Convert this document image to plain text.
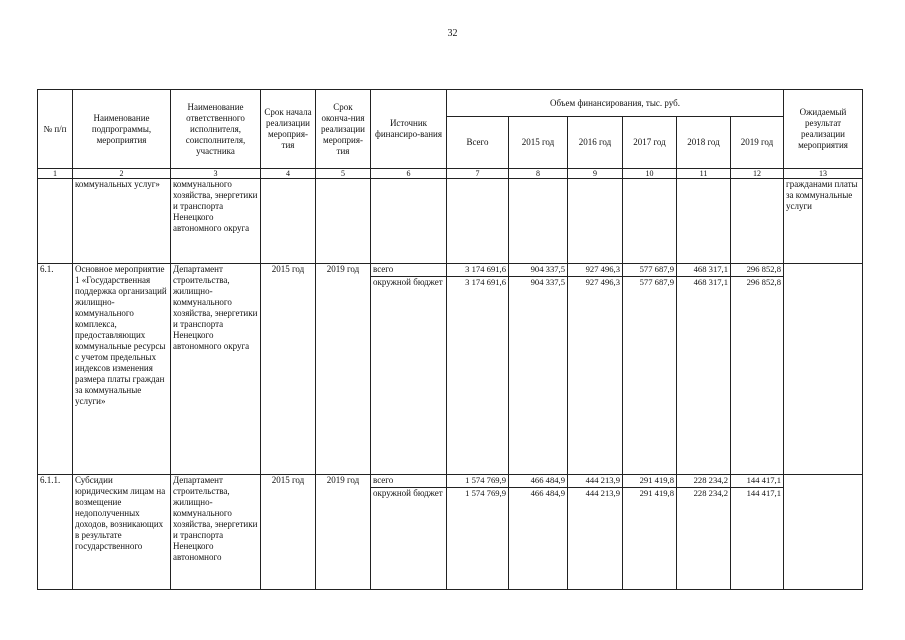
32
№ п/п	Наименование подпрограммы, мероприятия	Наименование ответственного исполнителя, соисполнителя, участника	Срок начала реализации мероприя-тия	Срок оконча-ния реализации мероприя-тия	Источник финансиро-вания	Объем финансирования, тыс. руб.						Ожидаемый результат реализации мероприятия
						Всего	2015 год	2016 год	2017 год	2018 год	2019 год	
1	2	3	4	5	6	7	8	9	10	11	12	13
	коммунальных услуг»	коммунального хозяйства, энергетики и транспорта Ненецкого автономного округа										гражданами платы за коммунальные услуги
6.1.	Основное мероприятие 1 «Государственная поддержка организаций жилищно-коммунального комплекса, предоставляющих коммунальные ресурсы с учетом предельных индексов изменения размера платы граждан за коммунальные услуги»	Департамент строительства, жилищно-коммунального хозяйства, энергетики и транспорта Ненецкого автономного округа	2015 год	2019 год	всего	3 174 691,6	904 337,5	927 496,3	577 687,9	468 317,1	296 852,8	
					окружной бюджет	3 174 691,6	904 337,5	927 496,3	577 687,9	468 317,1	296 852,8	
6.1.1.	Субсидии юридическим лицам на возмещение недополученных доходов, возникающих в результате государственного	Департамент строительства, жилищно-коммунального хозяйства, энергетики и транспорта Ненецкого автономного	2015 год	2019 год	всего	1 574 769,9	466 484,9	444 213,9	291 419,8	228 234,2	144 417,1	
					окружной бюджет	1 574 769,9	466 484,9	444 213,9	291 419,8	228 234,2	144 417,1	
